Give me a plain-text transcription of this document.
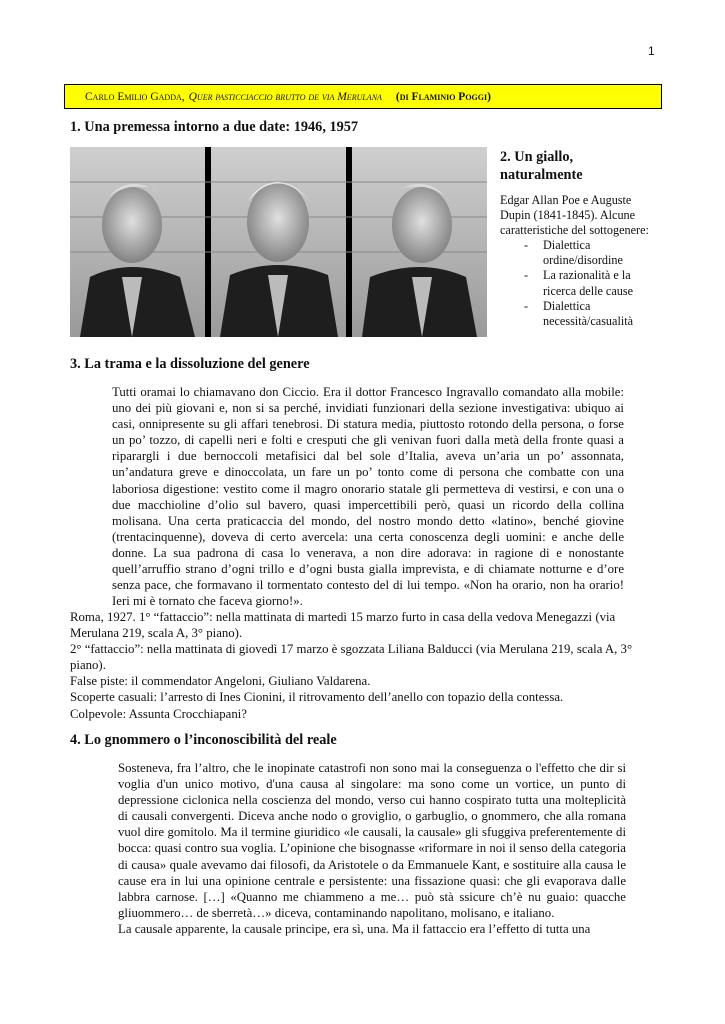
1
Carlo Emilio Gadda, Quer pasticciaccio brutto de via Merulana (di Flaminio Poggi)
1. Una premessa intorno a due date: 1946, 1957
2. Un giallo, naturalmente

Edgar Allan Poe e Auguste Dupin (1841-1845). Alcune caratteristiche del sottogenere:

- Dialettica ordine/disordine
- La razionalità e la ricerca delle cause
- Dialettica necessità/casualità
3. La trama e la dissoluzione del genere
Tutti oramai lo chiamavano don Ciccio. Era il dottor Francesco Ingravallo comandato alla mobile: uno dei più giovani e, non si sa perché, invidiati funzionari della sezione investigativa: ubiquo ai casi, onnipresente su gli affari tenebrosi. Di statura media, piuttosto rotondo della persona, o forse un po’ tozzo, di capelli neri e folti e cresputi che gli venivan fuori dalla metà della fronte quasi a riparargli i due bernoccoli metafisici dal bel sole d’Italia, aveva un’aria un po’ assonnata, un’andatura greve e dinoccolata, un fare un po’ tonto come di persona che combatte con una laboriosa digestione: vestito come il magro onorario statale gli permetteva di vestirsi, e con una o due macchioline d’olio sul bavero, quasi impercettibili però, quasi un ricordo della collina molisana. Una certa praticaccia del mondo, del nostro mondo detto «latino», benché giovine (trentacinquenne), doveva di certo avercela: una certa conoscenza degli uomini: e anche delle donne. La sua padrona di casa lo venerava, a non dire adorava: in ragione di e nonostante quell’arruffio strano d’ogni trillo e d’ogni busta gialla imprevista, e di chiamate notturne e d’ore senza pace, che formavano il tormentato contesto del di lui tempo. «Non ha orario, non ha orario! Ieri mi è tornato che faceva giorno!».

Roma, 1927. 1° “fattaccio”: nella mattinata di martedì 15 marzo furto in casa della vedova Menegazzi (via Merulana 219, scala A, 3° piano).

2° “fattaccio”: nella mattinata di giovedì 17 marzo è sgozzata Liliana Balducci (via Merulana 219, scala A, 3° piano).

False piste: il commendator Angeloni, Giuliano Valdarena.

Scoperte casuali: l’arresto di Ines Cionini, il ritrovamento dell’anello con topazio della contessa.

Colpevole: Assunta Crocchiapani?

4. Lo gnommero o l’inconoscibilità del reale

Sosteneva, fra l’altro, che le inopinate catastrofi non sono mai la conseguenza o l'effetto che dir si voglia d'un unico motivo, d'una causa al singolare: ma sono come un vortice, un punto di depressione ciclonica nella coscienza del mondo, verso cui hanno cospirato tutta una molteplicità di causali convergenti. Diceva anche nodo o groviglio, o garbuglio, o gnommero, che alla romana vuol dire gomitolo. Ma il termine giuridico «le causali, la causale» gli sfuggiva preferentemente di bocca: quasi contro sua voglia. L’opinione che bisognasse «riformare in noi il senso della categoria di causa» quale avevamo dai filosofi, da Aristotele o da Emmanuele Kant, e sostituire alla causa le cause era in lui una opinione centrale e persistente: una fissazione quasi: che gli evaporava dalle labbra carnose. […] «Quanno me chiammeno a me… può stà ssicure ch’è nu guaio: quacche gliuommero… de sberretà…» diceva, contaminando napolitano, molisano, e italiano.

La causale apparente, la causale principe, era sì, una. Ma il fattaccio era l’effetto di tutta una
